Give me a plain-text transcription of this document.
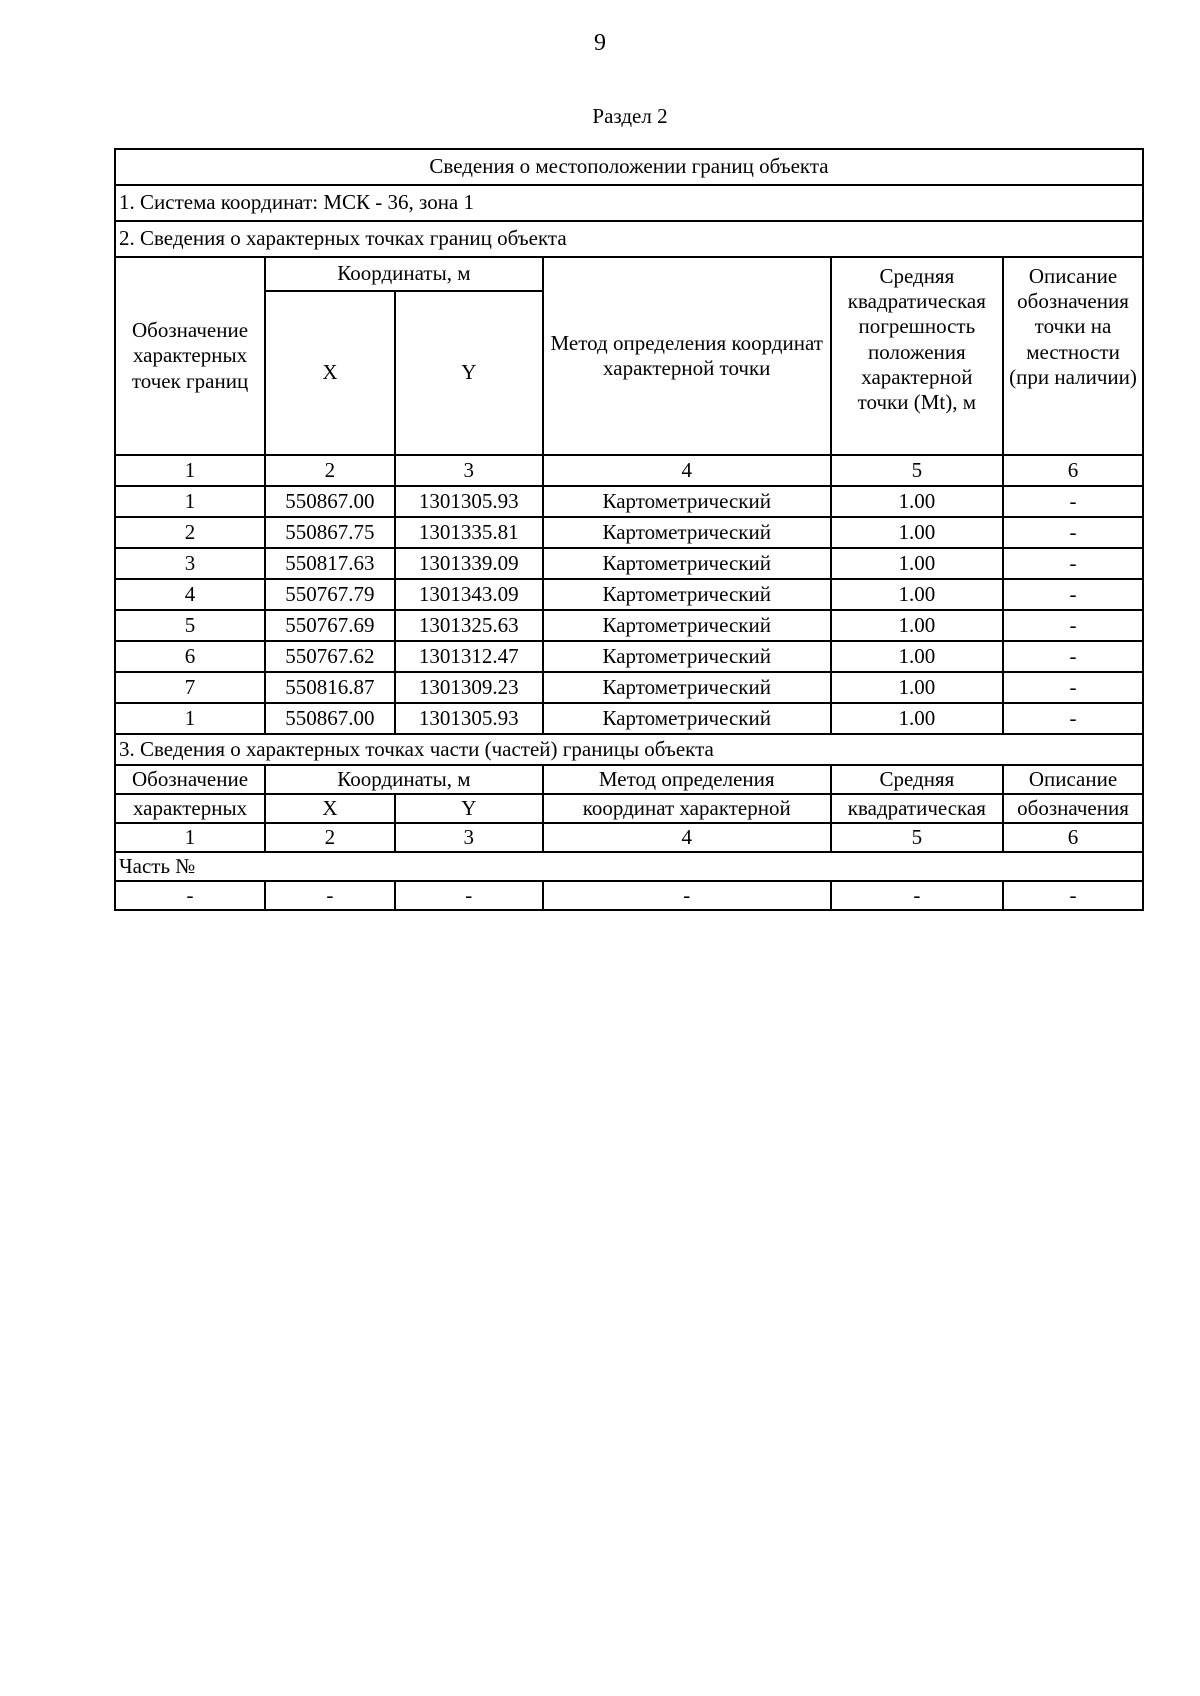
9
Раздел 2
Сведения о местоположении границ объекта					
1. Система координат: МСК - 36, зона 1					
2. Сведения о характерных точках границ объекта					
Обозначение характерных точек границ	Координаты, м		Метод определения координат характерной точки	Средняя квадратическая погрешность положения характерной точки (Mt), м	Описание обозначения точки на местности (при наличии)
	X	Y			
1	2	3	4	5	6
1	550867.00	1301305.93	Картометрический	1.00	-
2	550867.75	1301335.81	Картометрический	1.00	-
3	550817.63	1301339.09	Картометрический	1.00	-
4	550767.79	1301343.09	Картометрический	1.00	-
5	550767.69	1301325.63	Картометрический	1.00	-
6	550767.62	1301312.47	Картометрический	1.00	-
7	550816.87	1301309.23	Картометрический	1.00	-
1	550867.00	1301305.93	Картометрический	1.00	-
3. Сведения о характерных точках части (частей) границы объекта					
Обозначение	Координаты, м		Метод определения	Средняя	Описание
характерных	X	Y	координат характерной	квадратическая	обозначения
1	2	3	4	5	6
Часть №					
-	-	-	-	-	-
